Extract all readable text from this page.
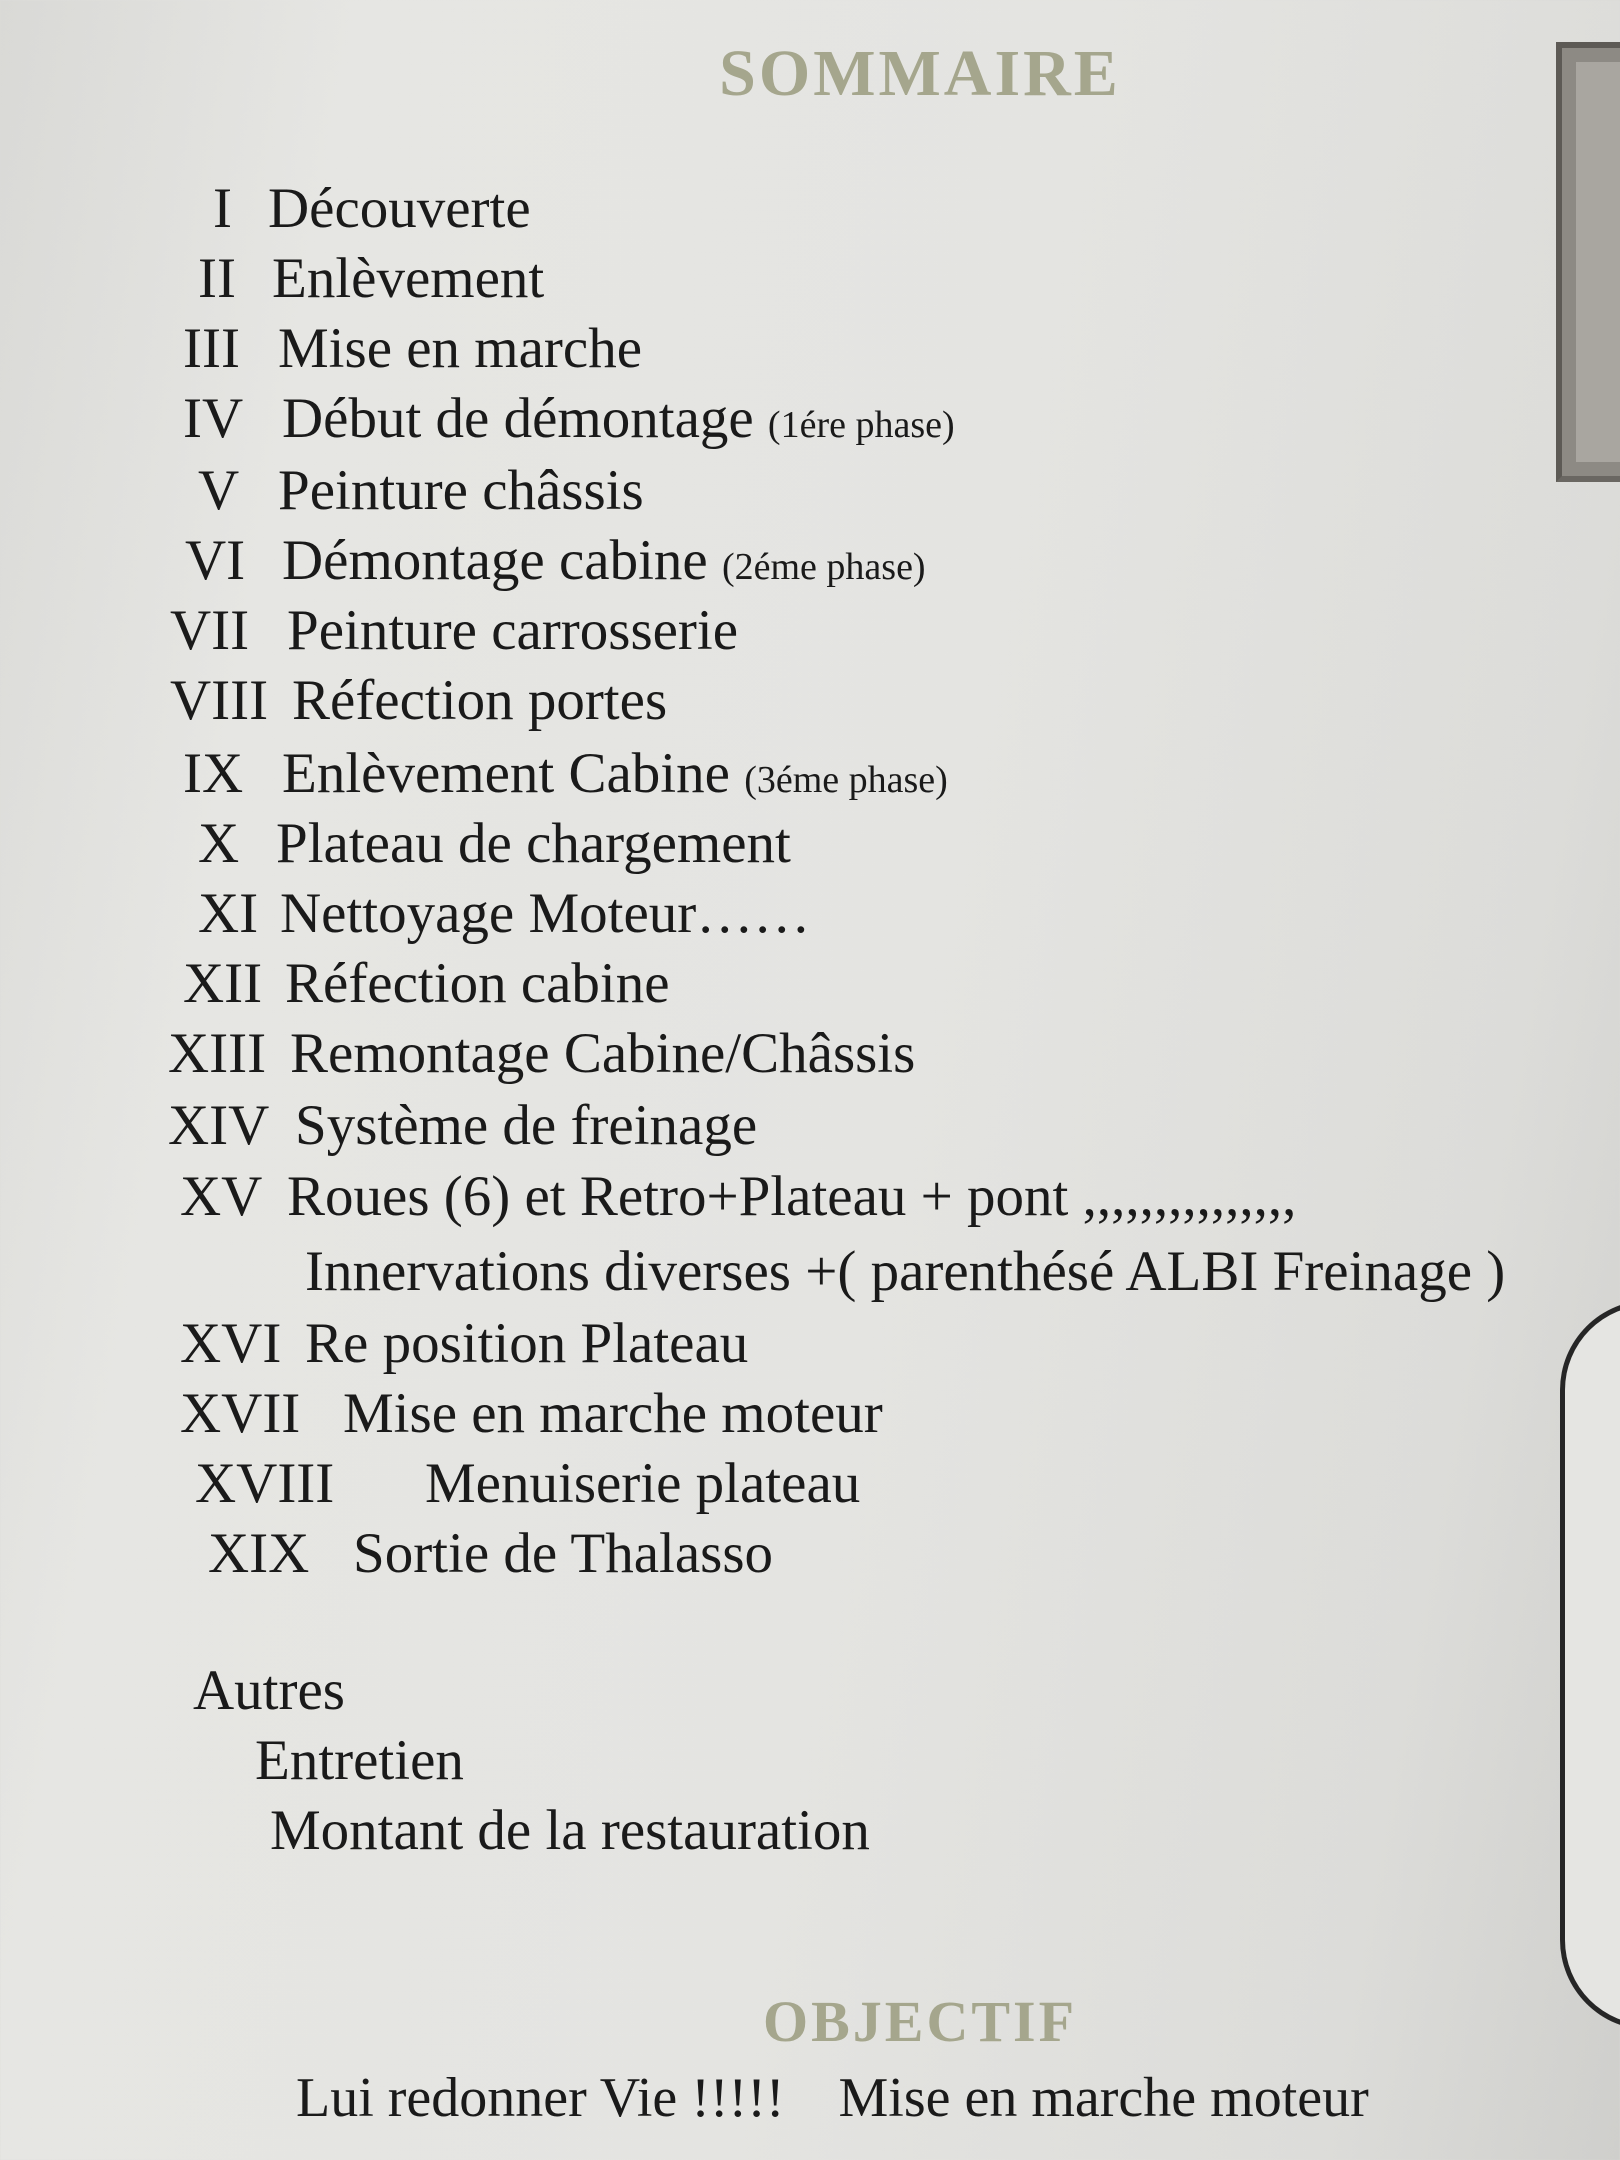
SOMMAIRE
I Découverte
II Enlèvement
III Mise en marche
IV Début de démontage (1ére phase)
V Peinture châssis
VI Démontage cabine (2éme phase)
VII Peinture carrosserie
VIII Réfection portes
IX Enlèvement Cabine (3éme phase)
X Plateau de chargement
XI Nettoyage Moteur……
XII Réfection cabine
XIII Remontage Cabine/Châssis
XIV Système de freinage
XV Roues (6) et Retro+Plateau + pont ,,,,,,,,,,,,,,,
XVI Re position Plateau
XVII Mise en marche moteur
XVIII Menuiserie plateau
XIX Sortie de Thalasso
Innervations diverses +( parenthésé ALBI Freinage )
Autres
Entretien
Montant de la restauration
OBJECTIF
Lui redonner Vie !!!!! Mise en marche moteur
